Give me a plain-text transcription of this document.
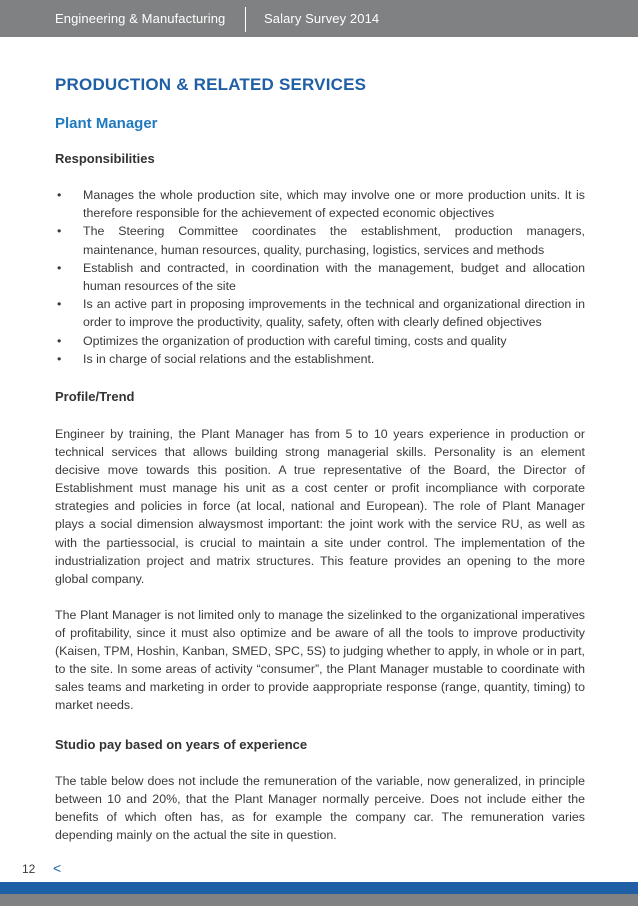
Engineering & Manufacturing	Salary Survey 2014
PRODUCTION & RELATED SERVICES
Plant Manager
Responsibilities
• Manages the whole production site, which may involve one or more production units. It is therefore responsible for the achievement of expected economic objectives
• The Steering Committee coordinates the establishment, production managers, maintenance, human resources, quality, purchasing, logistics, services and methods
• Establish and contracted, in coordination with the management, budget and allocation human resources of the site
• Is an active part in proposing improvements in the technical and organizational direction in order to improve the productivity, quality, safety, often with clearly defined objectives
• Optimizes the organization of production with careful timing, costs and quality
• Is in charge of social relations and the establishment.
Profile/Trend

Engineer by training, the Plant Manager has from 5 to 10 years experience in production or technical services that allows building strong managerial skills. Personality is an element decisive move towards this position. A true representative of the Board, the Director of Establishment must manage his unit as a cost center or profit incompliance with corporate strategies and policies in force (at local, national and European). The role of Plant Manager plays a social dimension alwaysmost important: the joint work with the service RU, as well as with the partiessocial, is crucial to maintain a site under control. The implementation of the industrialization project and matrix structures. This feature provides an opening to the more global company.

The Plant Manager is not limited only to manage the sizelinked to the organizational imperatives of profitability, since it must also optimize and be aware of all the tools to improve productivity (Kaisen, TPM, Hoshin, Kanban, SMED, SPC, 5S) to judging whether to apply, in whole or in part, to the site. In some areas of activity “consumer”, the Plant Manager mustable to coordinate with sales teams and marketing in order to provide aappropriate response (range, quantity, timing) to market needs.

Studio pay based on years of experience

The table below does not include the remuneration of the variable, now generalized, in principle between 10 and 20%, that the Plant Manager normally perceive. Does not include either the benefits of which often has, as for example the company car. The remuneration varies depending mainly on the actual the site in question.

12 <
